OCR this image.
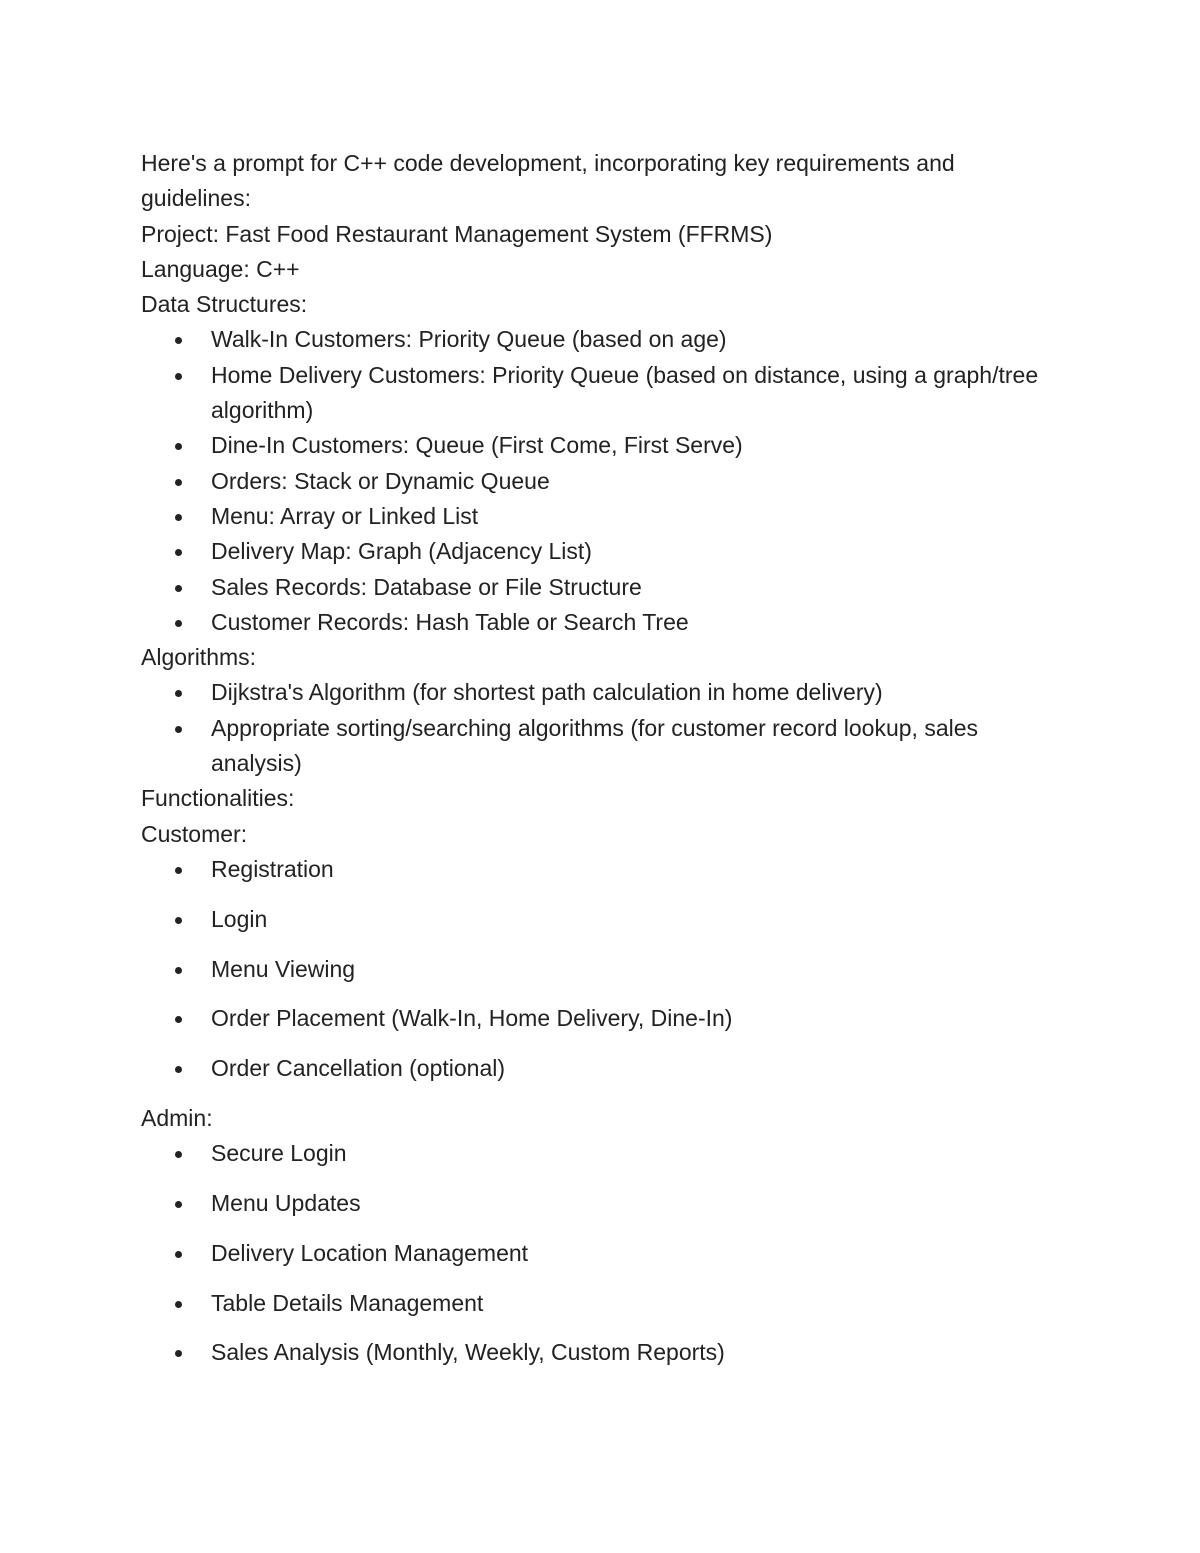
Here's a prompt for C++ code development, incorporating key requirements and guidelines:

Project: Fast Food Restaurant Management System (FFRMS)

Language: C++

Data Structures:

Walk-In Customers: Priority Queue (based on age)
Home Delivery Customers: Priority Queue (based on distance, using a graph/tree algorithm)
Dine-In Customers: Queue (First Come, First Serve)
Orders: Stack or Dynamic Queue
Menu: Array or Linked List
Delivery Map: Graph (Adjacency List)
Sales Records: Database or File Structure
Customer Records: Hash Table or Search Tree

Algorithms:

Dijkstra's Algorithm (for shortest path calculation in home delivery)
Appropriate sorting/searching algorithms (for customer record lookup, sales analysis)

Functionalities:

Customer:

Registration
Login
Menu Viewing
Order Placement (Walk-In, Home Delivery, Dine-In)
Order Cancellation (optional)

Admin:

Secure Login
Menu Updates
Delivery Location Management
Table Details Management
Sales Analysis (Monthly, Weekly, Custom Reports)
